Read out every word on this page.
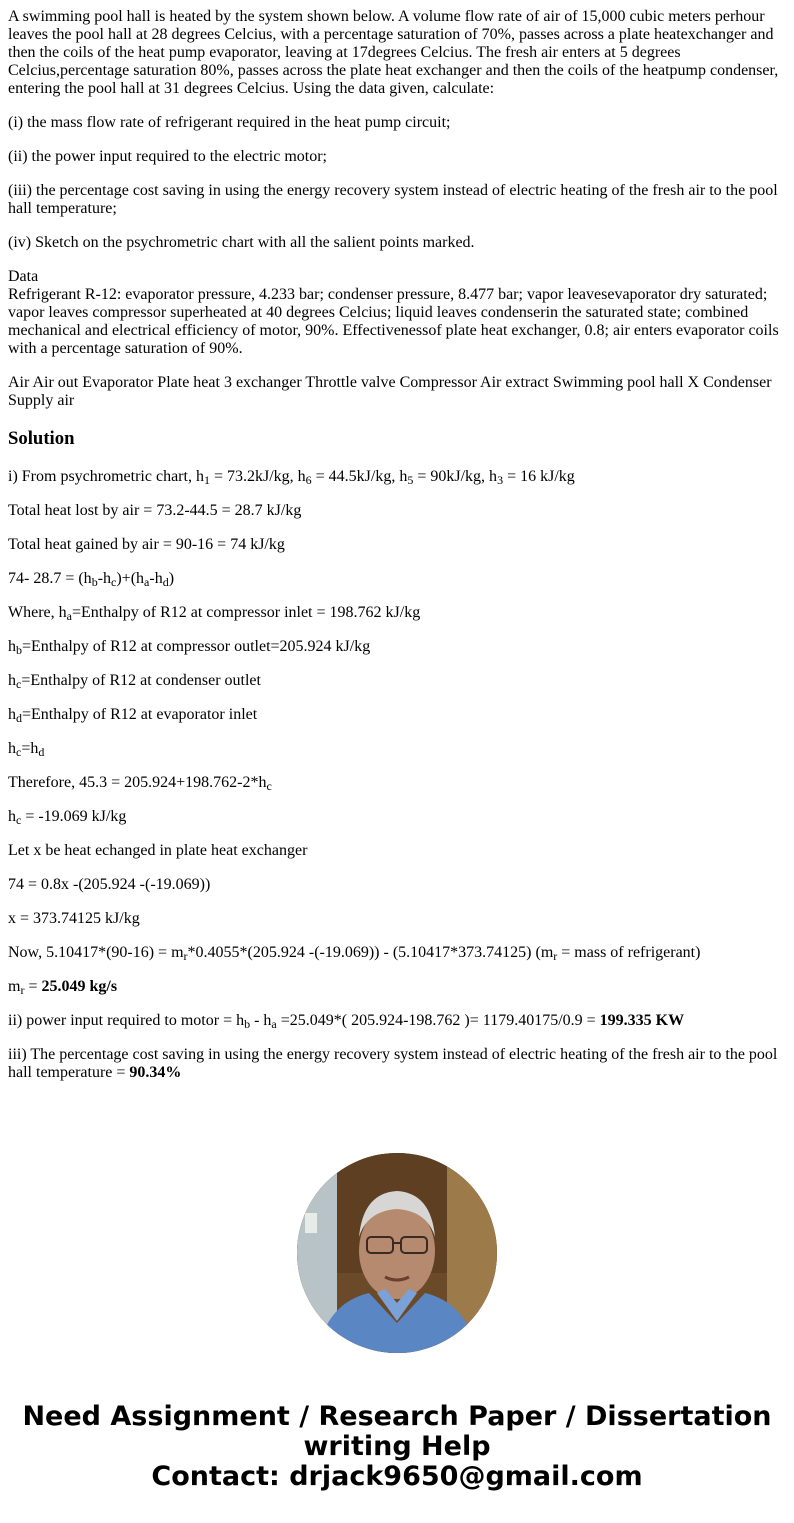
A swimming pool hall is heated by the system shown below. A volume flow rate of air of 15,000 cubic meters perhour leaves the pool hall at 28 degrees Celcius, with a percentage saturation of 70%, passes across a plate heatexchanger and then the coils of the heat pump evaporator, leaving at 17degrees Celcius. The fresh air enters at 5 degrees Celcius,percentage saturation 80%, passes across the plate heat exchanger and then the coils of the heatpump condenser, entering the pool hall at 31 degrees Celcius. Using the data given, calculate:

(i) the mass flow rate of refrigerant required in the heat pump circuit;

(ii) the power input required to the electric motor;

(iii) the percentage cost saving in using the energy recovery system instead of electric heating of the fresh air to the pool hall temperature;

(iv) Sketch on the psychrometric chart with all the salient points marked.

Data
Refrigerant R-12: evaporator pressure, 4.233 bar; condenser pressure, 8.477 bar; vapor leavesevaporator dry saturated; vapor leaves compressor superheated at 40 degrees Celcius; liquid leaves condenserin the saturated state; combined mechanical and electrical efficiency of motor, 90%. Effectivenessof plate heat exchanger, 0.8; air enters evaporator coils with a percentage saturation of 90%.

Air Air out Evaporator Plate heat 3 exchanger Throttle valve Compressor Air extract Swimming pool hall X Condenser Supply air

Solution

i) From psychrometric chart, $h_1 = 73.2kJ/kg$, $h_6 = 44.5kJ/kg$, $h_5 = 90kJ/kg$, $h_3 = 16$ kJ/kg

Total heat lost by air = 73.2-44.5 = 28.7 kJ/kg

Total heat gained by air = 90-16 = 74 kJ/kg

74- $28.7 = (h_b-h_c)+(h_a-h_d)$

Where, $h_a=Enthalpy$ of R12 at compressor inlet = 198.762 kJ/kg

$h_b=Enthalpy$ of R12 at compressor outlet=205.924 kJ/kg

$h_c=Enthalpy$ of R12 at condenser outlet

$h_d=Enthalpy$ of R12 at evaporator inlet

$h_c=h_d$

Therefore, $45.3 = 205.924+198.762-2*h_c$

$h_c = -19.069$ kJ/kg

Let x be heat echanged in plate heat exchanger

74 = 0.8x -(205.924 -(-19.069))

x = 373.74125 kJ/kg

Now, $5.10417*(90-16) = m_r*0.4055*(205.924$ -(-19.069)) - (5.10417*373.74125) ($m_r$ = mass of refrigerant)

$m_r = 25.049$ kg/s

ii) power input required to motor = $h_b - h_a =25.049*$( 205.924-198.762 )= 1179.40175/0.9 = 199.335 KW

iii) The percentage cost saving in using the energy recovery system instead of electric heating of the fresh air to the pool hall temperature = 90.34%

Need Assignment / Research Paper / Dissertation
writing Help
Contact: drjack9650@gmail.com
